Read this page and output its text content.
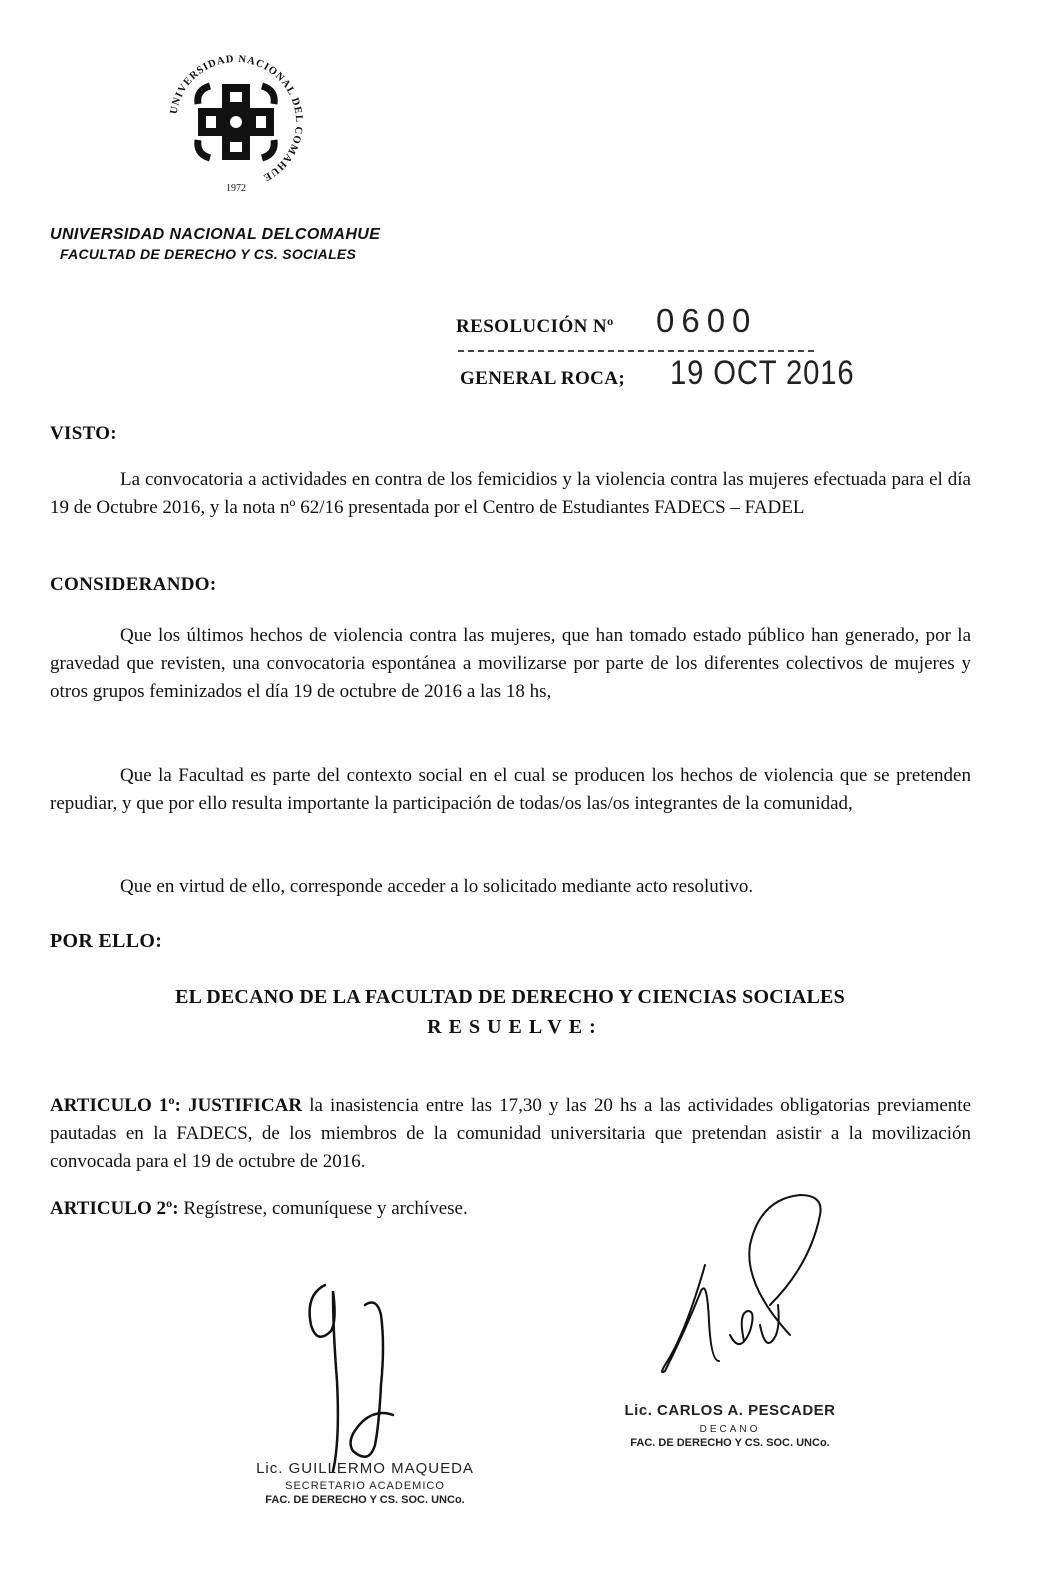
UNIVERSIDAD NACIONAL DEL COMAHUE
1972
UNIVERSIDAD NACIONAL DELCOMAHUE
FACULTAD DE DERECHO Y CS. SOCIALES
RESOLUCIÓN Nº 0600
GENERAL ROCA; 19 OCT 2016
VISTO:
La convocatoria a actividades en contra de los femicidios y la violencia contra las mujeres efectuada para el día 19 de Octubre 2016, y la nota nº 62/16 presentada por el Centro de Estudiantes FADECS – FADEL
CONSIDERANDO:
Que los últimos hechos de violencia contra las mujeres, que han tomado estado público han generado, por la gravedad que revisten, una convocatoria espontánea a movilizarse por parte de los diferentes colectivos de mujeres y otros grupos feminizados el día 19 de octubre de 2016 a las 18 hs,
Que la Facultad es parte del contexto social en el cual se producen los hechos de violencia que se pretenden repudiar, y que por ello resulta importante la participación de todas/os las/os integrantes de la comunidad,
Que en virtud de ello, corresponde acceder a lo solicitado mediante acto resolutivo.
POR ELLO:
EL DECANO DE LA FACULTAD DE DERECHO Y CIENCIAS SOCIALES
RESUELVE:
ARTICULO 1º: JUSTIFICAR la inasistencia entre las 17,30 y las 20 hs a las actividades obligatorias previamente pautadas en la FADECS, de los miembros de la comunidad universitaria que pretendan asistir a la movilización convocada para el 19 de octubre de 2016.
ARTICULO 2º: Regístrese, comuníquese y archívese.
Lic. GUILLERMO MAQUEDA
SECRETARIO ACADEMICO
FAC. DE DERECHO Y CS. SOC. UNCo.
Lic. CARLOS A. PESCADER
DECANO
FAC. DE DERECHO Y CS. SOC. UNCo.
